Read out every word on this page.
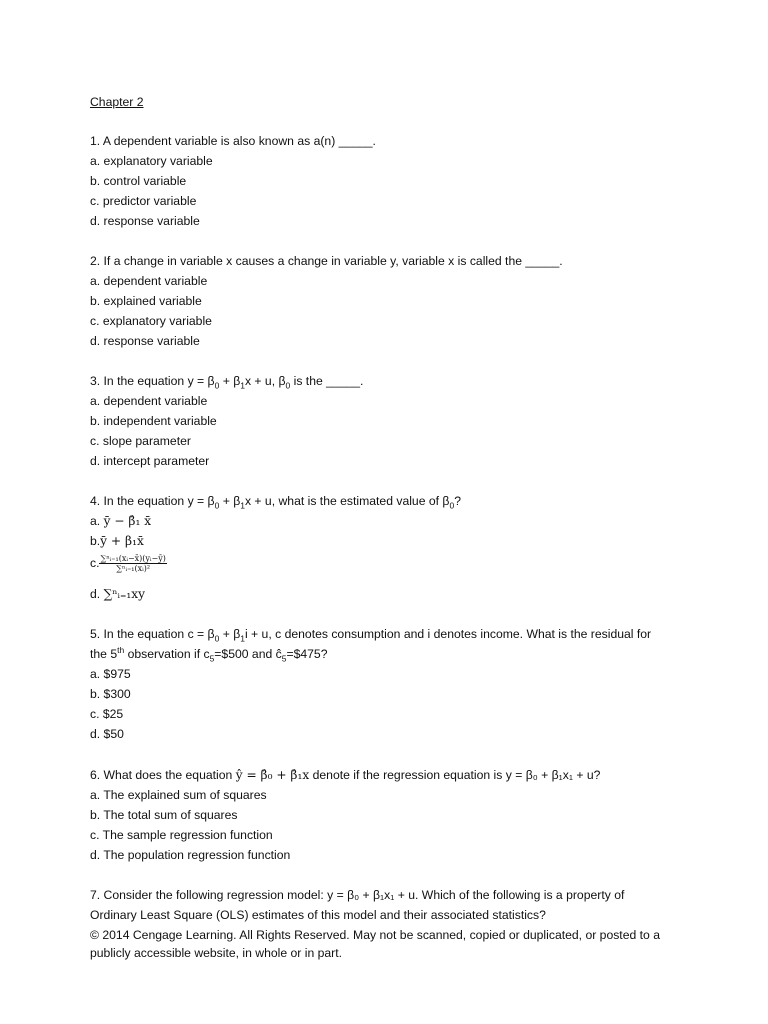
Chapter 2
1. A dependent variable is also known as a(n) _____.
a. explanatory variable
b. control variable
c. predictor variable
d. response variable
2. If a change in variable x causes a change in variable y, variable x is called the _____.
a. dependent variable
b. explained variable
c. explanatory variable
d. response variable
3. In the equation $y = \beta_0 + \beta_1x + u$, $\beta_0$ is the _____.
a. dependent variable
b. independent variable
c. slope parameter
d. intercept parameter
4. In the equation $y = \beta_0 + \beta_1x + u$, what is the estimated value of $\beta_0$?
a. ȳ − β̂₁ x̄
b.ȳ + β₁x̄
c. $\frac{\text{∑ⁿᵢ₌₁(xᵢ−x̄)(yᵢ−ȳ)}}{\text{∑ⁿᵢ₌₁(xᵢ)²}}$
d. ∑ⁿᵢ₌₁xy
5. In the equation $c = \beta_0 + \beta_1i + u$, c denotes consumption and i denotes income. What is the residual for
the 5th observation if $c_5=\$500$ and $ĉ_5=\$475$?
a. $975
b. $300
c. $25
d. $50
6. What does the equation ŷ = β̂₀ + β̂₁x denote if the regression equation is y = β₀ + β₁x₁ + u?
a. The explained sum of squares
b. The total sum of squares
c. The sample regression function
d. The population regression function
7. Consider the following regression model: y = β₀ + β₁x₁ + u. Which of the following is a property of
Ordinary Least Square (OLS) estimates of this model and their associated statistics?
© 2014 Cengage Learning. All Rights Reserved. May not be scanned, copied or duplicated, or posted to a
publicly accessible website, in whole or in part.
